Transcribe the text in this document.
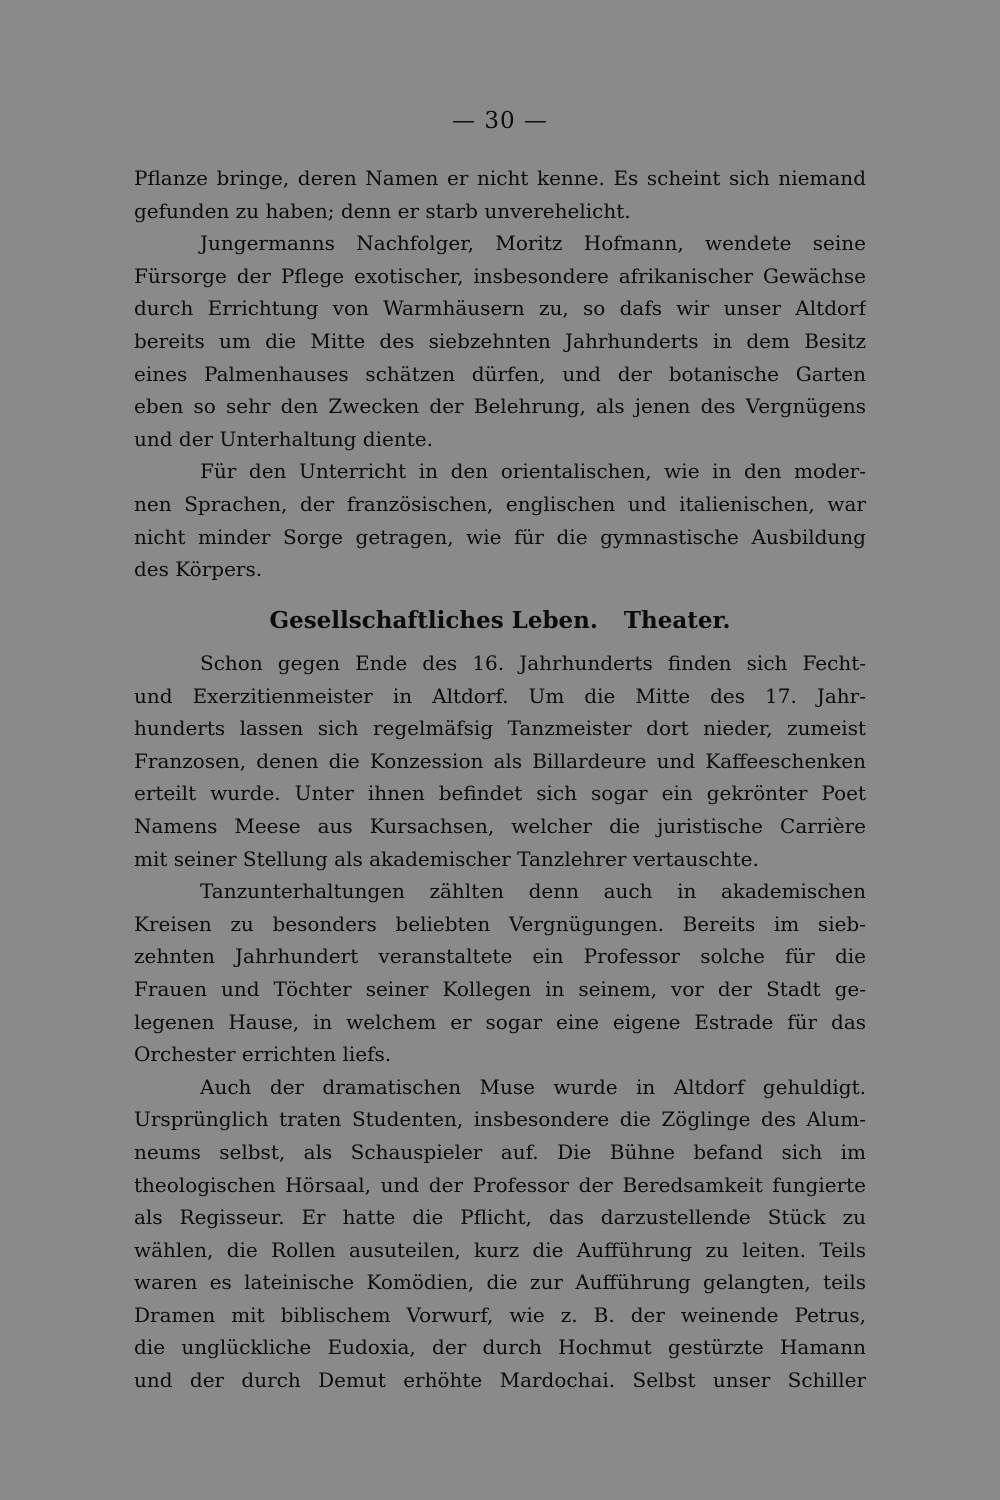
— 30 —
Pflanze bringe, deren Namen er nicht kenne. Es scheint sich niemand
gefunden zu haben; denn er starb unverehelicht.
Jungermanns Nachfolger, Moritz Hofmann, wendete seine
Fürsorge der Pflege exotischer, insbesondere afrikanischer Gewächse
durch Errichtung von Warmhäusern zu, so dafs wir unser Altdorf
bereits um die Mitte des siebzehnten Jahrhunderts in dem Besitz
eines Palmenhauses schätzen dürfen, und der botanische Garten
eben so sehr den Zwecken der Belehrung, als jenen des Vergnügens
und der Unterhaltung diente.
Für den Unterricht in den orientalischen, wie in den moder-
nen Sprachen, der französischen, englischen und italienischen, war
nicht minder Sorge getragen, wie für die gymnastische Ausbildung
des Körpers.
Gesellschaftliches Leben. Theater.
Schon gegen Ende des 16. Jahrhunderts finden sich Fecht-
und Exerzitienmeister in Altdorf. Um die Mitte des 17. Jahr-
hunderts lassen sich regelmäfsig Tanzmeister dort nieder, zumeist
Franzosen, denen die Konzession als Billardeure und Kaffeeschenken
erteilt wurde. Unter ihnen befindet sich sogar ein gekrönter Poet
Namens Meese aus Kursachsen, welcher die juristische Carrière
mit seiner Stellung als akademischer Tanzlehrer vertauschte.
Tanzunterhaltungen zählten denn auch in akademischen
Kreisen zu besonders beliebten Vergnügungen. Bereits im sieb-
zehnten Jahrhundert veranstaltete ein Professor solche für die
Frauen und Töchter seiner Kollegen in seinem, vor der Stadt ge-
legenen Hause, in welchem er sogar eine eigene Estrade für das
Orchester errichten liefs.
Auch der dramatischen Muse wurde in Altdorf gehuldigt.
Ursprünglich traten Studenten, insbesondere die Zöglinge des Alum-
neums selbst, als Schauspieler auf. Die Bühne befand sich im
theologischen Hörsaal, und der Professor der Beredsamkeit fungierte
als Regisseur. Er hatte die Pflicht, das darzustellende Stück zu
wählen, die Rollen ausuteilen, kurz die Aufführung zu leiten. Teils
waren es lateinische Komödien, die zur Aufführung gelangten, teils
Dramen mit biblischem Vorwurf, wie z. B. der weinende Petrus,
die unglückliche Eudoxia, der durch Hochmut gestürzte Hamann
und der durch Demut erhöhte Mardochai. Selbst unser Schiller
